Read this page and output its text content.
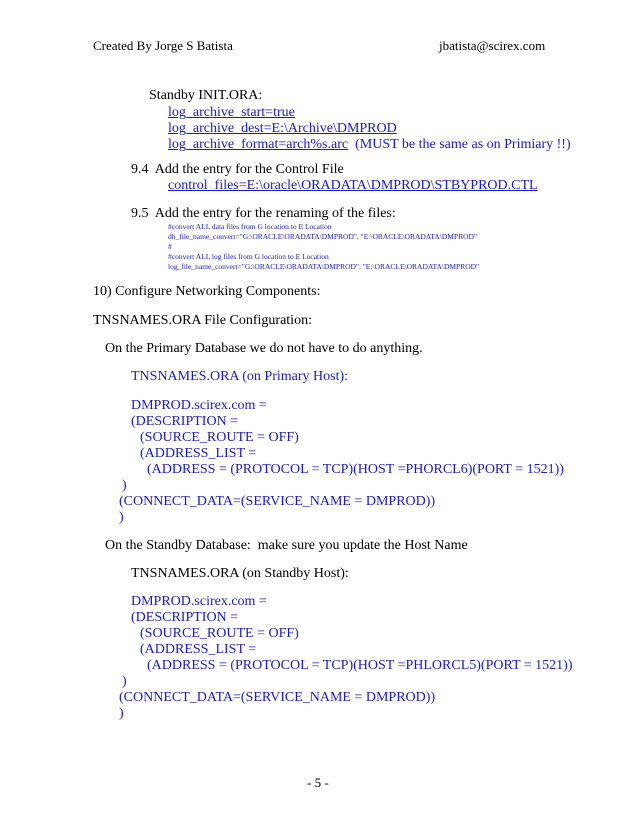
Created By Jorge S Batista	jbatista@scirex.com
Standby INIT.ORA:
log_archive_start=true
log_archive_dest=E:\Archive\DMPROD
log_archive_format=arch%s.arc  (MUST be the same as on Primiary !!)
9.4  Add the entry for the Control File
control_files=E:\oracle\ORADATA\DMPROD\STBYPROD.CTL
9.5  Add the entry for the renaming of the files:
#convert ALL data files from G location to E Location
db_file_name_convert="G:\ORACLE\ORADATA\DMPROD", "E:\ORACLE\ORADATA\DMPROD"
#
#convert ALL log files from G location to E Location
log_file_name_convert="G:\ORACLE\ORADATA\DMPROD", "E:\ORACLE\ORADATA\DMPROD"
10) Configure Networking Components:
TNSNAMES.ORA File Configuration:
On the Primary Database we do not have to do anything.
TNSNAMES.ORA (on Primary Host):
DMPROD.scirex.com =
(DESCRIPTION =
(SOURCE_ROUTE = OFF)
(ADDRESS_LIST =
(ADDRESS = (PROTOCOL = TCP)(HOST =PHORCL6)(PORT = 1521))
)
(CONNECT_DATA=(SERVICE_NAME = DMPROD))
)
On the Standby Database:  make sure you update the Host Name
TNSNAMES.ORA (on Standby Host):
DMPROD.scirex.com =
(DESCRIPTION =
(SOURCE_ROUTE = OFF)
(ADDRESS_LIST =
(ADDRESS = (PROTOCOL = TCP)(HOST =PHLORCL5)(PORT = 1521))
)
(CONNECT_DATA=(SERVICE_NAME = DMPROD))
)
- 5 -
